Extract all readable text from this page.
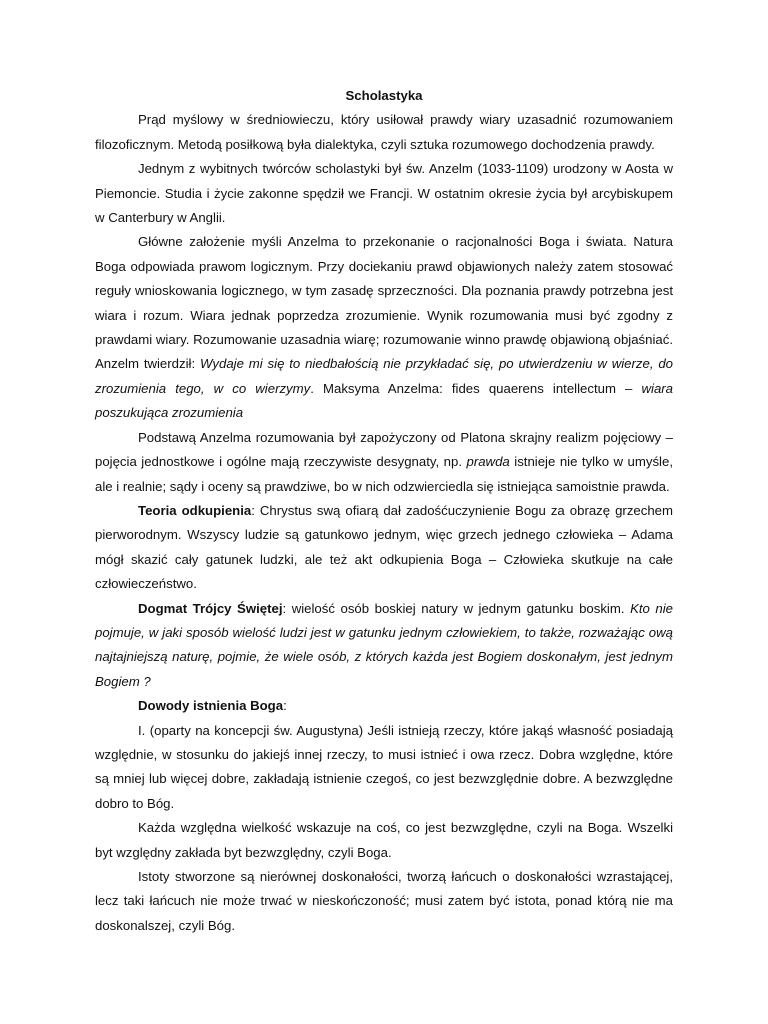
Scholastyka

Prąd myślowy w średniowieczu, który usiłował prawdy wiary uzasadnić rozumowaniem filozoficznym. Metodą posiłkową była dialektyka, czyli sztuka rozumowego dochodzenia prawdy.

Jednym z wybitnych twórców scholastyki był św. Anzelm (1033-1109) urodzony w Aosta w Piemoncie. Studia i życie zakonne spędził we Francji. W ostatnim okresie życia był arcybiskupem w Canterbury w Anglii.

Główne założenie myśli Anzelma to przekonanie o racjonalności Boga i świata. Natura Boga odpowiada prawom logicznym. Przy dociekaniu prawd objawionych należy zatem stosować reguły wnioskowania logicznego, w tym zasadę sprzeczności. Dla poznania prawdy potrzebna jest wiara i rozum. Wiara jednak poprzedza zrozumienie. Wynik rozumowania musi być zgodny z prawdami wiary. Rozumowanie uzasadnia wiarę; rozumowanie winno prawdę objawioną objaśniać. Anzelm twierdził: Wydaje mi się to niedbałością nie przykładać się, po utwierdzeniu w wierze, do zrozumienia tego, w co wierzymy. Maksyma Anzelma: fides quaerens intellectum – wiara poszukująca zrozumienia

Podstawą Anzelma rozumowania był zapożyczony od Platona skrajny realizm pojęciowy – pojęcia jednostkowe i ogólne mają rzeczywiste desygnaty, np. prawda istnieje nie tylko w umyśle, ale i realnie; sądy i oceny są prawdziwe, bo w nich odzwierciedla się istniejąca samoistnie prawda.

Teoria odkupienia: Chrystus swą ofiarą dał zadośćuczynienie Bogu za obrazę grzechem pierworodnym. Wszyscy ludzie są gatunkowo jednym, więc grzech jednego człowieka – Adama mógł skazić cały gatunek ludzki, ale też akt odkupienia Boga – Człowieka skutkuje na całe człowieczeństwo.

Dogmat Trójcy Świętej: wielość osób boskiej natury w jednym gatunku boskim. Kto nie pojmuje, w jaki sposób wielość ludzi jest w gatunku jednym człowiekiem, to także, rozważając ową najtajniejszą naturę, pojmie, że wiele osób, z których każda jest Bogiem doskonałym, jest jednym Bogiem ?

Dowody istnienia Boga:

I. (oparty na koncepcji św. Augustyna) Jeśli istnieją rzeczy, które jakąś własność posiadają względnie, w stosunku do jakiejś innej rzeczy, to musi istnieć i owa rzecz. Dobra względne, które są mniej lub więcej dobre, zakładają istnienie czegoś, co jest bezwzględnie dobre. A bezwzględne dobro to Bóg.

Każda względna wielkość wskazuje na coś, co jest bezwzględne, czyli na Boga. Wszelki byt względny zakłada byt bezwzględny, czyli Boga.

Istoty stworzone są nierównej doskonałości, tworzą łańcuch o doskonałości wzrastającej, lecz taki łańcuch nie może trwać w nieskończoność; musi zatem być istota, ponad którą nie ma doskonalszej, czyli Bóg.
